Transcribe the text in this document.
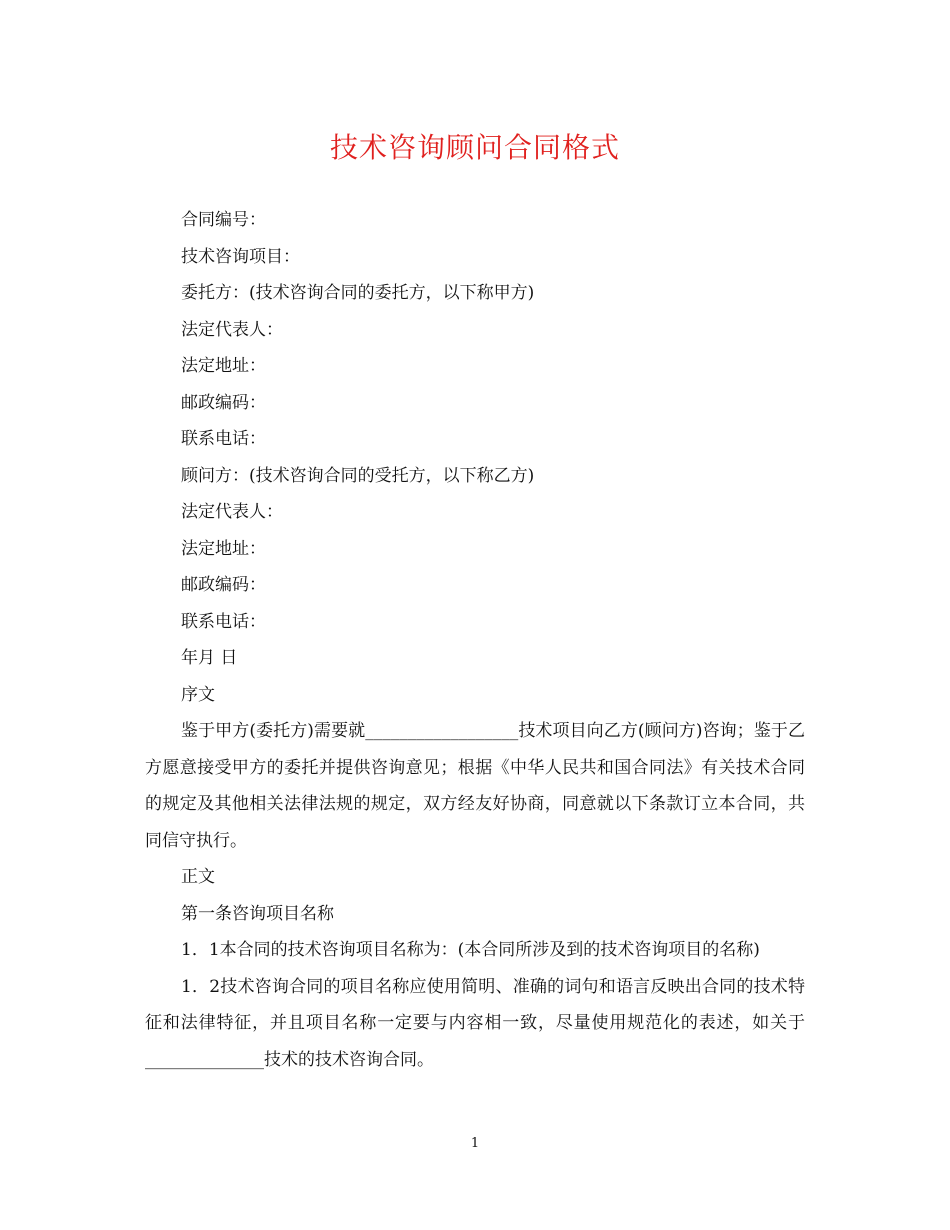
技术咨询顾问合同格式

合同编号：

技术咨询项目：

委托方：(技术咨询合同的委托方，以下称甲方)

法定代表人：

法定地址：

邮政编码：

联系电话：

顾问方：(技术咨询合同的受托方，以下称乙方)

法定代表人：

法定地址：

邮政编码：

联系电话：

年月 日

序文

鉴于甲方(委托方)需要就__________________技术项目向乙方(顾问方)咨询；鉴于乙方愿意接受甲方的委托并提供咨询意见；根据《中华人民共和国合同法》有关技术合同的规定及其他相关法律法规的规定，双方经友好协商，同意就以下条款订立本合同，共同信守执行。

正文

第一条咨询项目名称

1．1本合同的技术咨询项目名称为：(本合同所涉及到的技术咨询项目的名称)

1．2技术咨询合同的项目名称应使用简明、准确的词句和语言反映出合同的技术特征和法律特征，并且项目名称一定要与内容相一致，尽量使用规范化的表述，如关于______________技术的技术咨询合同。

1
